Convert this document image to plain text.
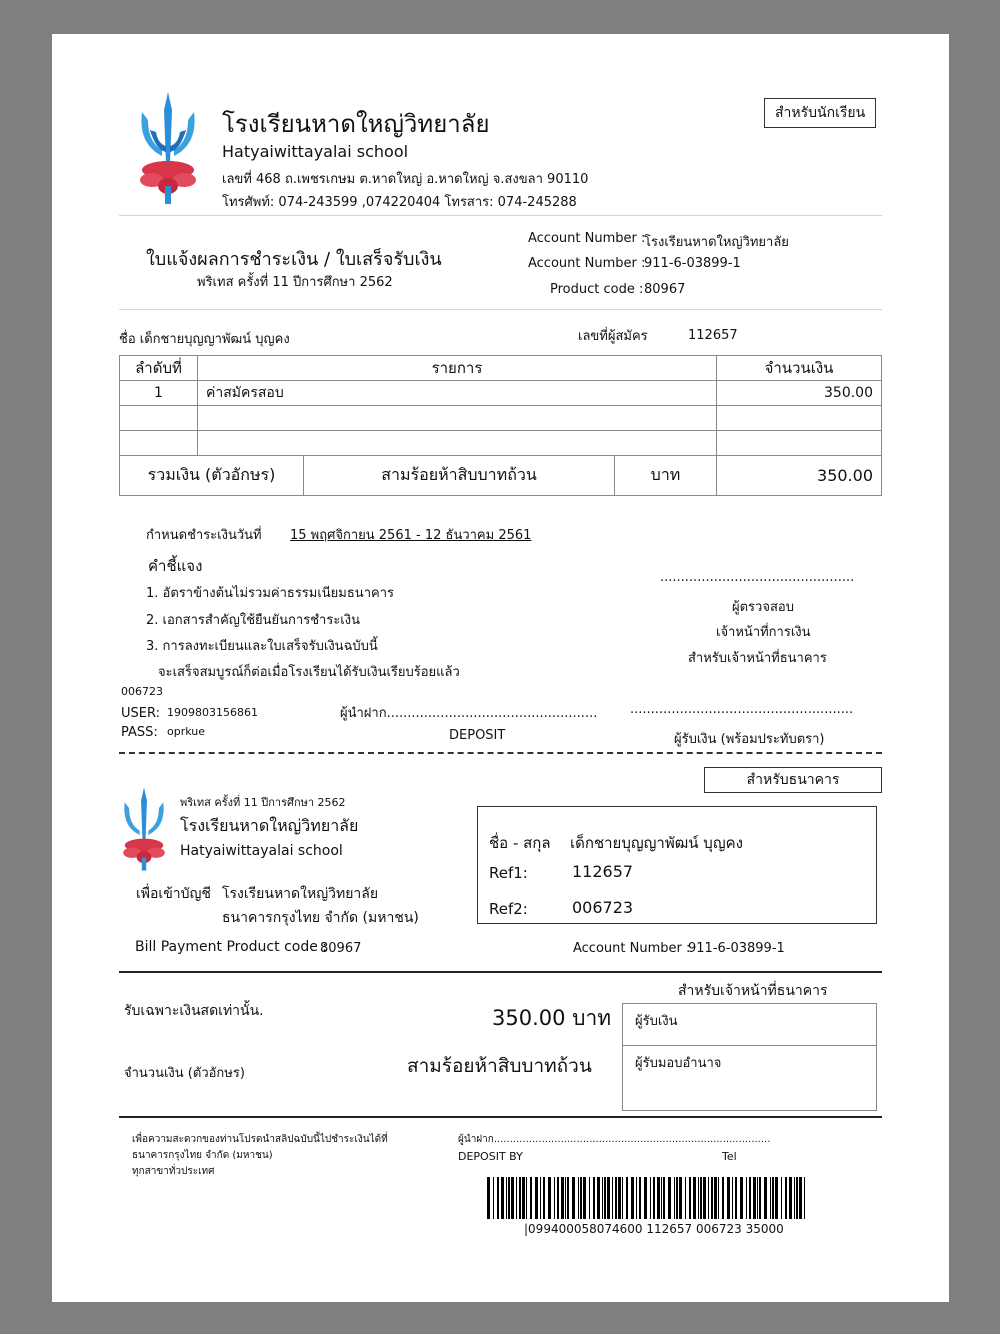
โรงเรียนหาดใหญ่วิทยาลัย
Hatyaiwittayalai school
เลขที่ 468 ถ.เพชรเกษม ต.หาดใหญ่ อ.หาดใหญ่ จ.สงขลา 90110
โทรศัพท์: 074-243599 ,074220404 โทรสาร: 074-245288
สำหรับนักเรียน
ใบแจ้งผลการชำระเงิน / ใบเสร็จรับเงิน
พริเทส ครั้งที่ 11 ปีการศึกษา 2562
Account Number :
โรงเรียนหาดใหญ่วิทยาลัย
Account Number :
911-6-03899-1
Product code : 80967
ชื่อ เด็กชายบุญญาพัฒน์ บุญคง	เลขที่ผู้สมัคร	112657
ลำดับที่	รายการ			จำนวนเงิน
1	ค่าสมัครสอบ			350.00

รวมเงิน (ตัวอักษร)		สามร้อยห้าสิบบาทถ้วน	บาท	350.00
กำหนดชำระเงินวันที่ 15 พฤศจิกายน 2561 - 12 ธันวาคม 2561
คำชี้แจง
1. อัตราข้างต้นไม่รวมค่าธรรมเนียมธนาคาร
2. เอกสารสำคัญใช้ยืนยันการชำระเงิน
3. การลงทะเบียนและใบเสร็จรับเงินฉบับนี้
จะเสร็จสมบูรณ์ก็ต่อเมื่อโรงเรียนได้รับเงินเรียบร้อยแล้ว
...............................................
ผู้ตรวจสอบ
เจ้าหน้าที่การเงิน
สำหรับเจ้าหน้าที่ธนาคาร
006723
USER: 1909803156861
PASS: oprkue
ผู้นำฝาก...................................................
DEPOSIT
......................................................
ผู้รับเงิน (พร้อมประทับตรา)
สำหรับธนาคาร
พริเทส ครั้งที่ 11 ปีการศึกษา 2562
โรงเรียนหาดใหญ่วิทยาลัย
Hatyaiwittayalai school
เพื่อเข้าบัญชี โรงเรียนหาดใหญ่วิทยาลัย
ธนาคารกรุงไทย จำกัด (มหาชน)
ชื่อ - สกุล เด็กชายบุญญาพัฒน์ บุญคง
Ref1:	112657
Ref2:	006723
Bill Payment Product code :
80967	Account Number :
911-6-03899-1
รับเฉพาะเงินสดเท่านั้น.	350.00 บาท
จำนวนเงิน (ตัวอักษร)	สามร้อยห้าสิบบาทถ้วน
สำหรับเจ้าหน้าที่ธนาคาร
ผู้รับเงิน
ผู้รับมอบอำนาจ
เพื่อความสะดวกของท่านโปรดนำสลิปฉบับนี้ไปชำระเงินได้ที่
ธนาคารกรุงไทย จำกัด (มหาชน)
ทุกสาขาทั่วประเทศ
ผู้นำฝาก.......................................................................................
DEPOSIT BY	Tel
|099400058074600 112657 006723 35000
